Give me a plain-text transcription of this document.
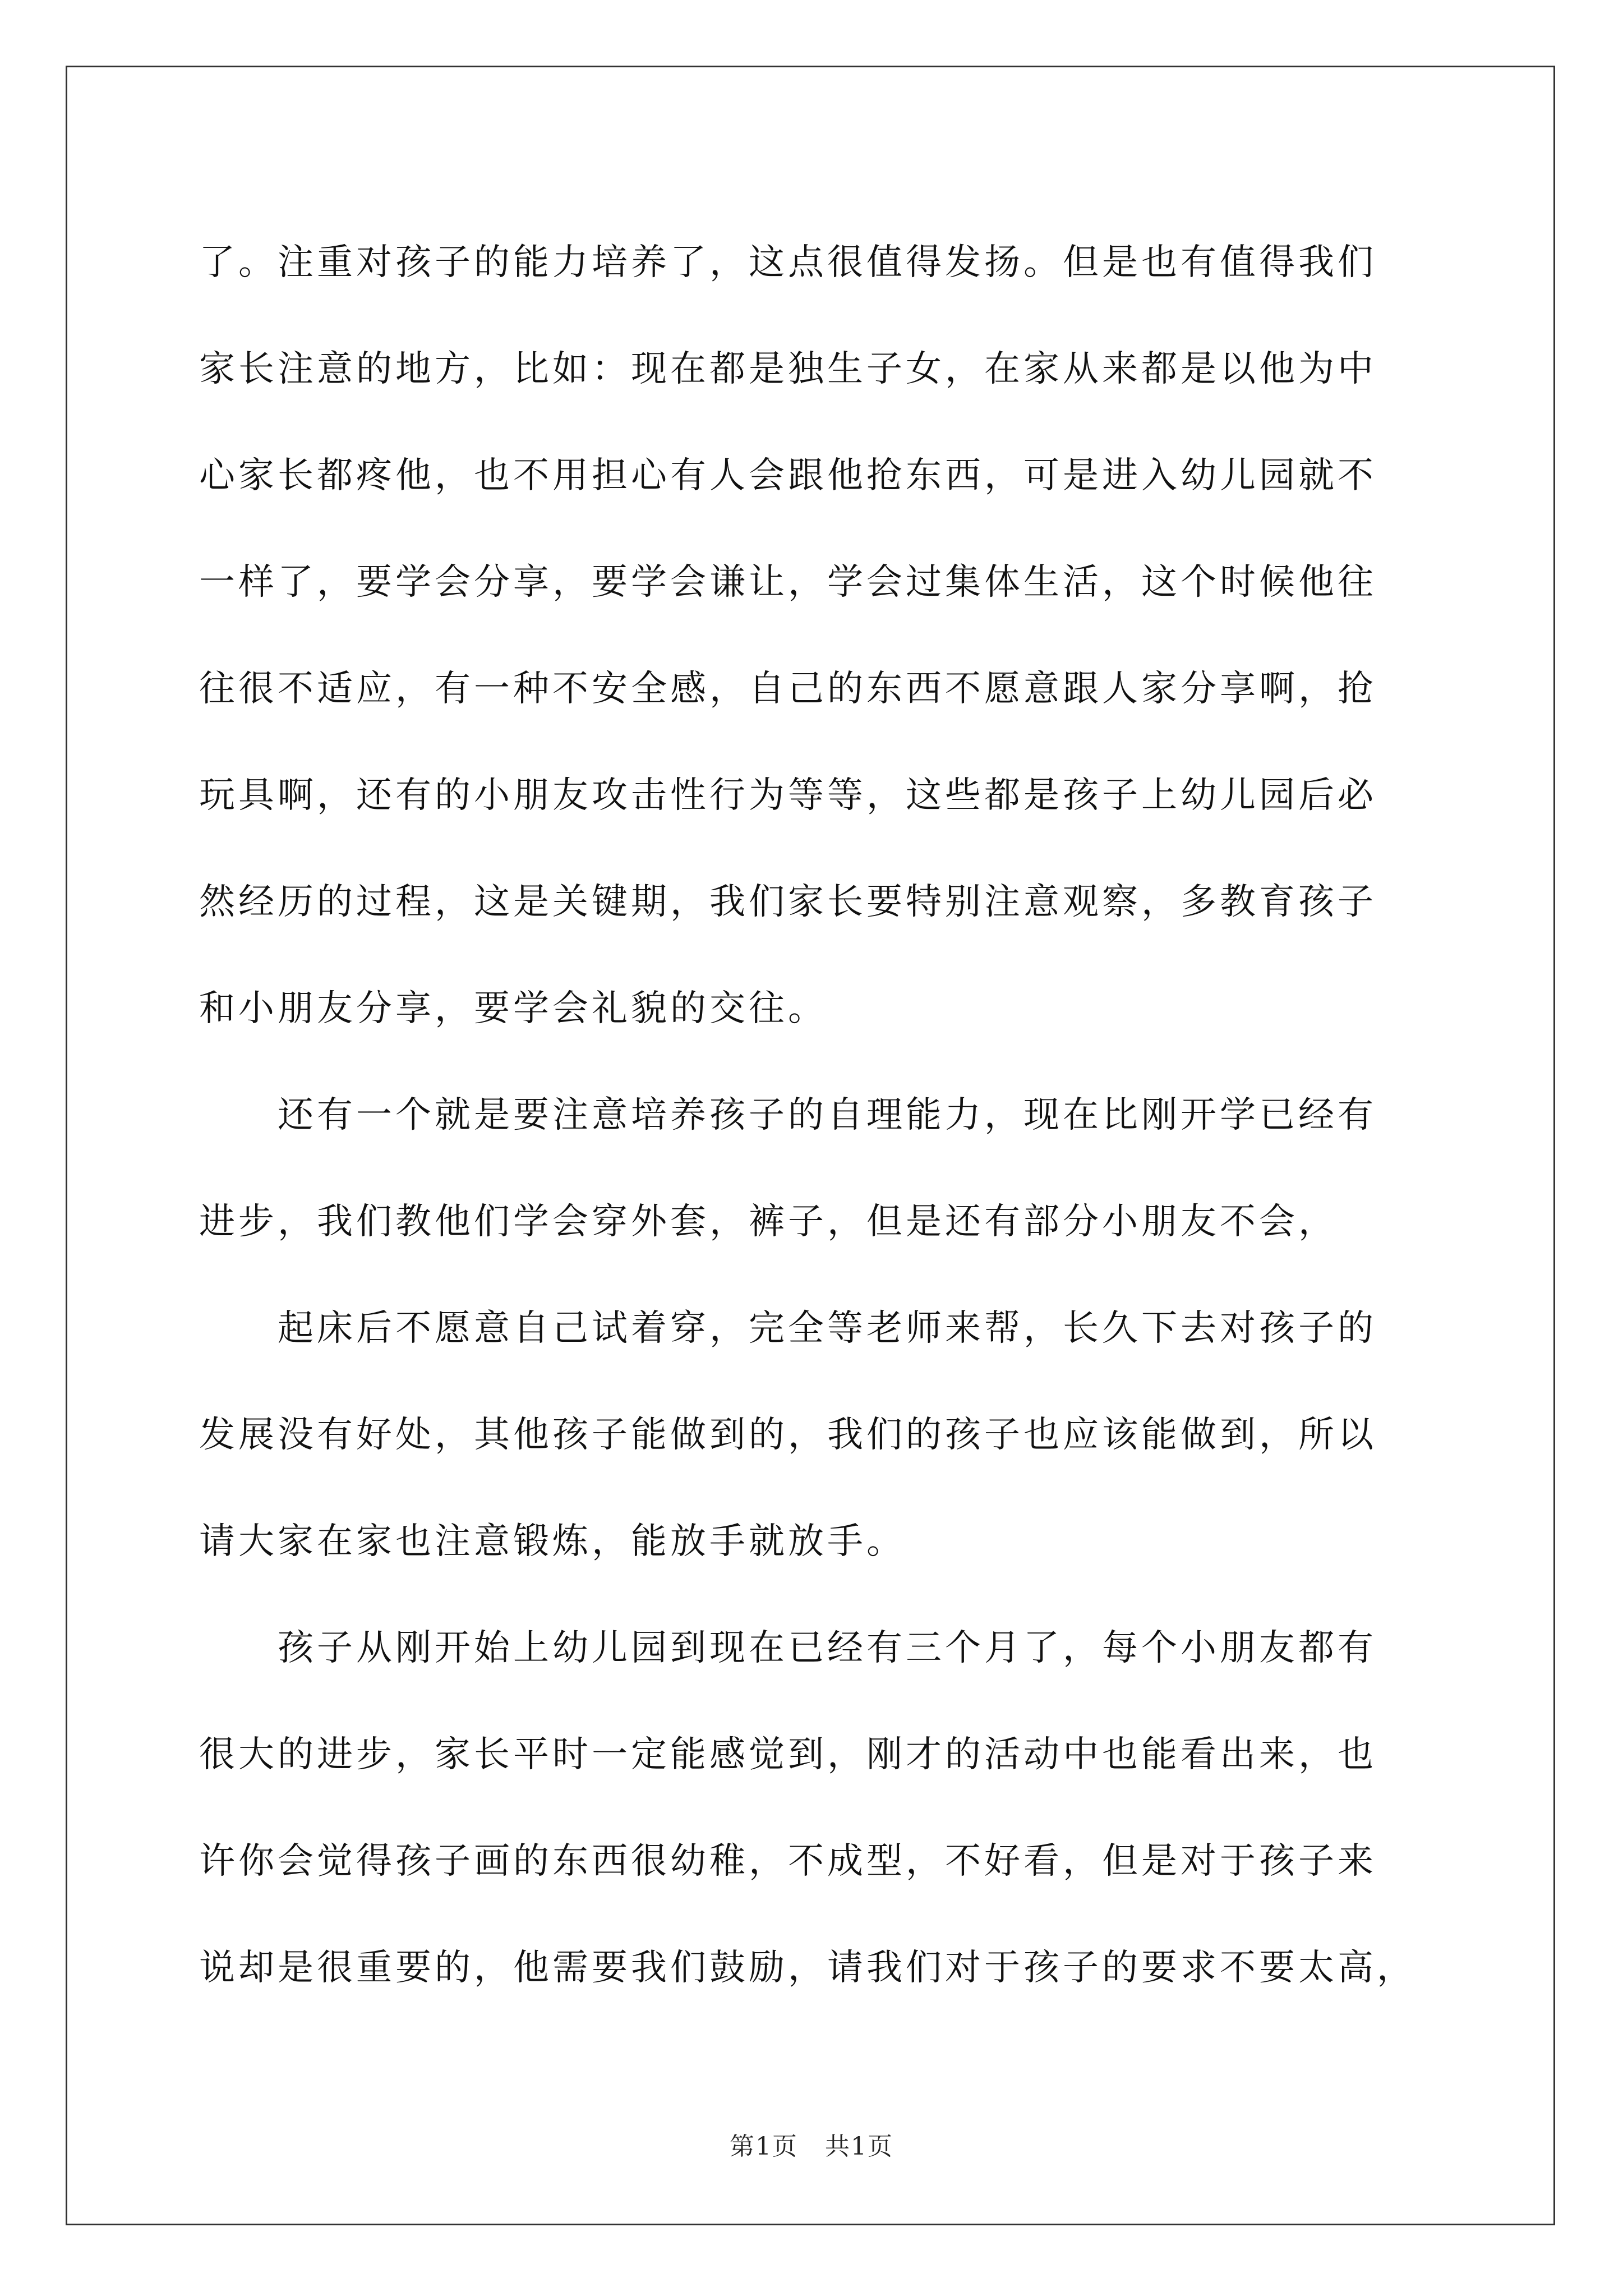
了。注重对孩子的能力培养了，这点很值得发扬。但是也有值得我们
家长注意的地方，比如：现在都是独生子女，在家从来都是以他为中
心家长都疼他，也不用担心有人会跟他抢东西，可是进入幼儿园就不
一样了，要学会分享，要学会谦让，学会过集体生活，这个时候他往
往很不适应，有一种不安全感，自己的东西不愿意跟人家分享啊，抢
玩具啊，还有的小朋友攻击性行为等等，这些都是孩子上幼儿园后必
然经历的过程，这是关键期，我们家长要特别注意观察，多教育孩子
和小朋友分享，要学会礼貌的交往。
还有一个就是要注意培养孩子的自理能力，现在比刚开学已经有
进步，我们教他们学会穿外套，裤子，但是还有部分小朋友不会，
起床后不愿意自己试着穿，完全等老师来帮，长久下去对孩子的
发展没有好处，其他孩子能做到的，我们的孩子也应该能做到，所以
请大家在家也注意锻炼，能放手就放手。
孩子从刚开始上幼儿园到现在已经有三个月了，每个小朋友都有
很大的进步，家长平时一定能感觉到，刚才的活动中也能看出来，也
许你会觉得孩子画的东西很幼稚，不成型，不好看，但是对于孩子来
说却是很重要的，他需要我们鼓励，请我们对于孩子的要求不要太高，
第1页 共1页
